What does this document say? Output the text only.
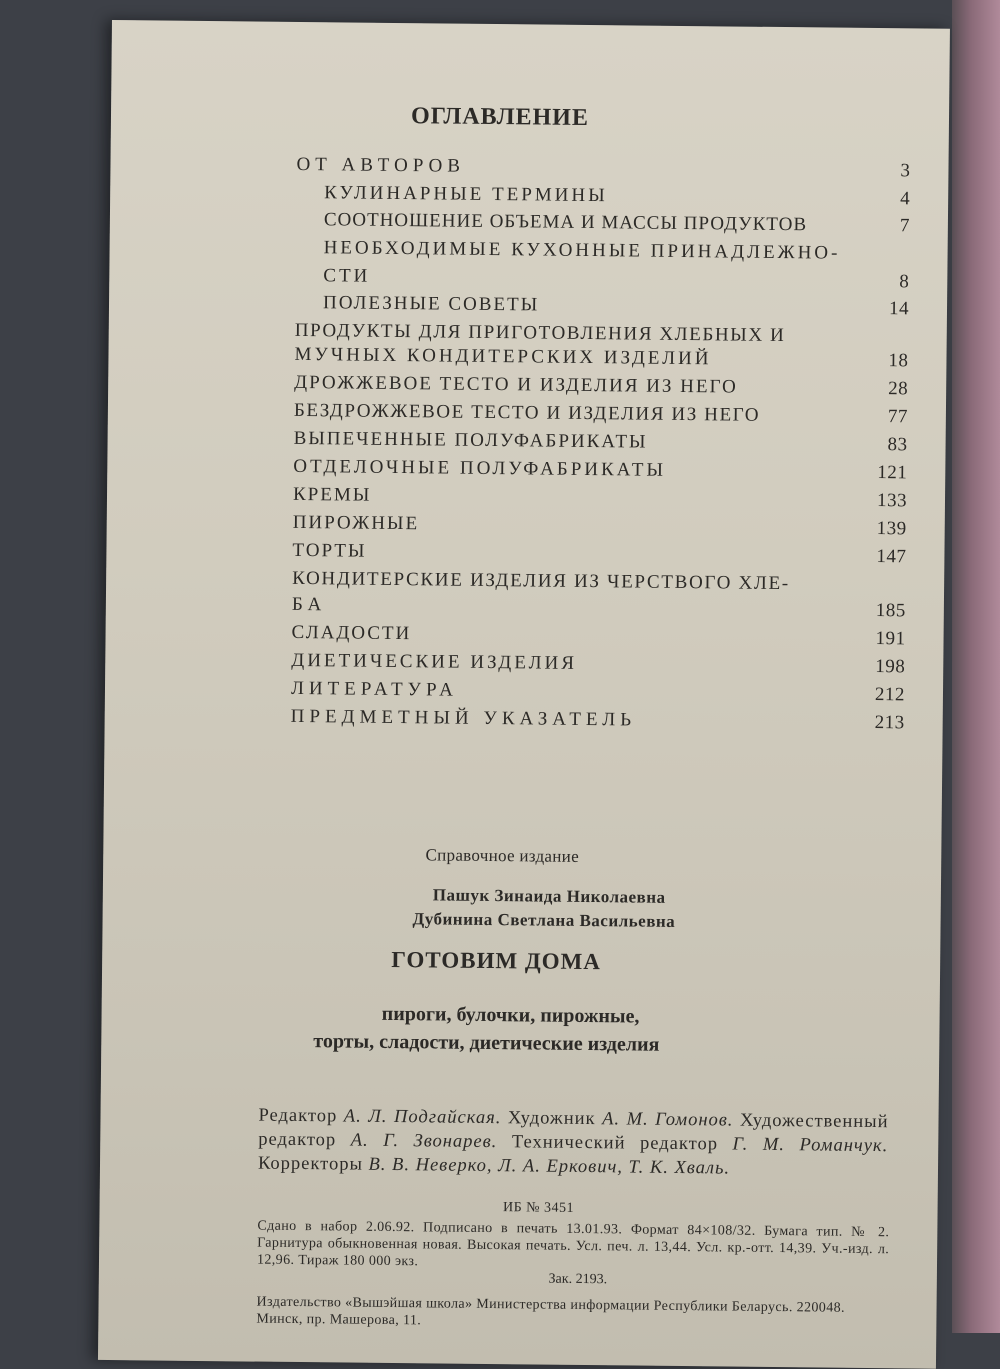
ОГЛАВЛЕНИЕ
ОТ АВТОРОВ	3
КУЛИНАРНЫЕ ТЕРМИНЫ	4
СООТНОШЕНИЕ ОБЪЕМА И МАССЫ ПРОДУКТОВ	7
НЕОБХОДИМЫЕ КУХОННЫЕ ПРИНАДЛЕЖНО-
СТИ	8
ПОЛЕЗНЫЕ СОВЕТЫ	14
ПРОДУКТЫ ДЛЯ ПРИГОТОВЛЕНИЯ ХЛЕБНЫХ И
МУЧНЫХ КОНДИТЕРСКИХ ИЗДЕЛИЙ	18
ДРОЖЖЕВОЕ ТЕСТО И ИЗДЕЛИЯ ИЗ НЕГО	28
БЕЗДРОЖЖЕВОЕ ТЕСТО И ИЗДЕЛИЯ ИЗ НЕГО	77
ВЫПЕЧЕННЫЕ ПОЛУФАБРИКАТЫ	83
ОТДЕЛОЧНЫЕ ПОЛУФАБРИКАТЫ	121
КРЕМЫ	133
ПИРОЖНЫЕ	139
ТОРТЫ	147
КОНДИТЕРСКИЕ ИЗДЕЛИЯ ИЗ ЧЕРСТВОГО ХЛЕ-
БА	185
СЛАДОСТИ	191
ДИЕТИЧЕСКИЕ ИЗДЕЛИЯ	198
ЛИТЕРАТУРА	212
ПРЕДМЕТНЫЙ УКАЗАТЕЛЬ	213
Справочное издание
Пашук Зинаида Николаевна
Дубинина Светлана Васильевна
ГОТОВИМ ДОМА
пироги, булочки, пирожные,
торты, сладости, диетические изделия
Редактор А. Л. Подгайская. Художник А. М. Гомонов. Художественный редактор А. Г. Звонарев. Технический редактор Г. М. Романчук. Корректоры В. В. Неверко, Л. А. Еркович, Т. К. Хваль.
ИБ № 3451
Сдано в набор 2.06.92. Подписано в печать 13.01.93. Формат 84×108/32. Бумага тип. № 2. Гарнитура обыкновенная новая. Высокая печать. Усл. печ. л. 13,44. Усл. кр.-отт. 14,39. Уч.-изд. л. 12,96. Тираж 180 000 экз.
Зак. 2193.
Издательство «Вышэйшая школа» Министерства информации Республики Беларусь. 220048. Минск, пр. Машерова, 11.
